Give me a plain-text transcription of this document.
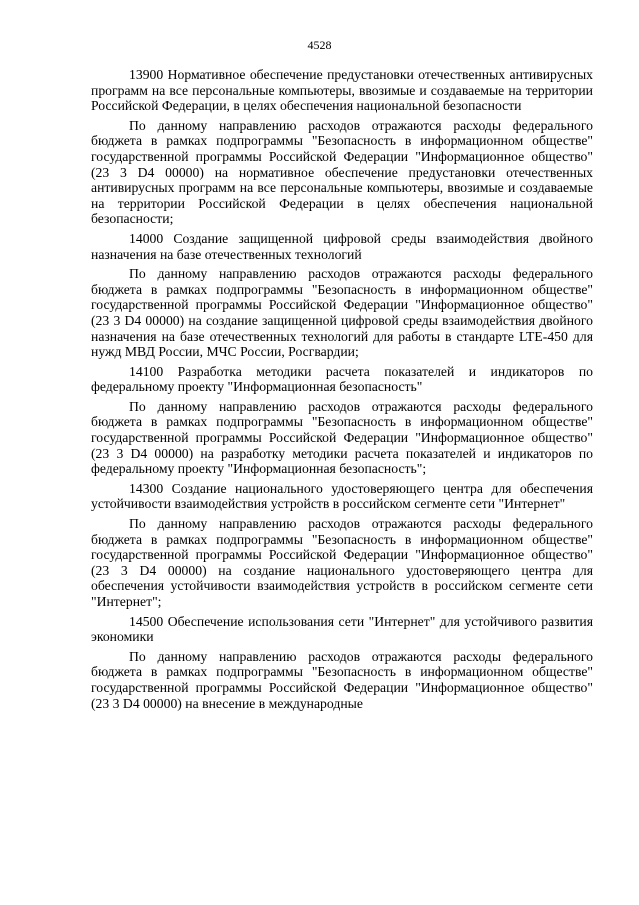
4528

13900 Нормативное обеспечение предустановки отечественных антивирусных программ на все персональные компьютеры, ввозимые и создаваемые на территории Российской Федерации, в целях обеспечения национальной безопасности

По данному направлению расходов отражаются расходы федерального бюджета в рамках подпрограммы "Безопасность в информационном обществе" государственной программы Российской Федерации "Информационное общество" (23 3 D4 00000) на нормативное обеспечение предустановки отечественных антивирусных программ на все персональные компьютеры, ввозимые и создаваемые на территории Российской Федерации в целях обеспечения национальной безопасности;

14000 Создание защищенной цифровой среды взаимодействия двойного назначения на базе отечественных технологий

По данному направлению расходов отражаются расходы федерального бюджета в рамках подпрограммы "Безопасность в информационном обществе" государственной программы Российской Федерации "Информационное общество" (23 3 D4 00000) на создание защищенной цифровой среды взаимодействия двойного назначения на базе отечественных технологий для работы в стандарте LTE-450 для нужд МВД России, МЧС России, Росгвардии;

14100 Разработка методики расчета показателей и индикаторов по федеральному проекту "Информационная безопасность"

По данному направлению расходов отражаются расходы федерального бюджета в рамках подпрограммы "Безопасность в информационном обществе" государственной программы Российской Федерации "Информационное общество" (23 3 D4 00000) на разработку методики расчета показателей и индикаторов по федеральному проекту "Информационная безопасность";

14300 Создание национального удостоверяющего центра для обеспечения устойчивости взаимодействия устройств в российском сегменте сети "Интернет"

По данному направлению расходов отражаются расходы федерального бюджета в рамках подпрограммы "Безопасность в информационном обществе" государственной программы Российской Федерации "Информационное общество" (23 3 D4 00000) на создание национального удостоверяющего центра для обеспечения устойчивости взаимодействия устройств в российском сегменте сети "Интернет";

14500 Обеспечение использования сети "Интернет" для устойчивого развития экономики

По данному направлению расходов отражаются расходы федерального бюджета в рамках подпрограммы "Безопасность в информационном обществе" государственной программы Российской Федерации "Информационное общество" (23 3 D4 00000) на внесение в международные
